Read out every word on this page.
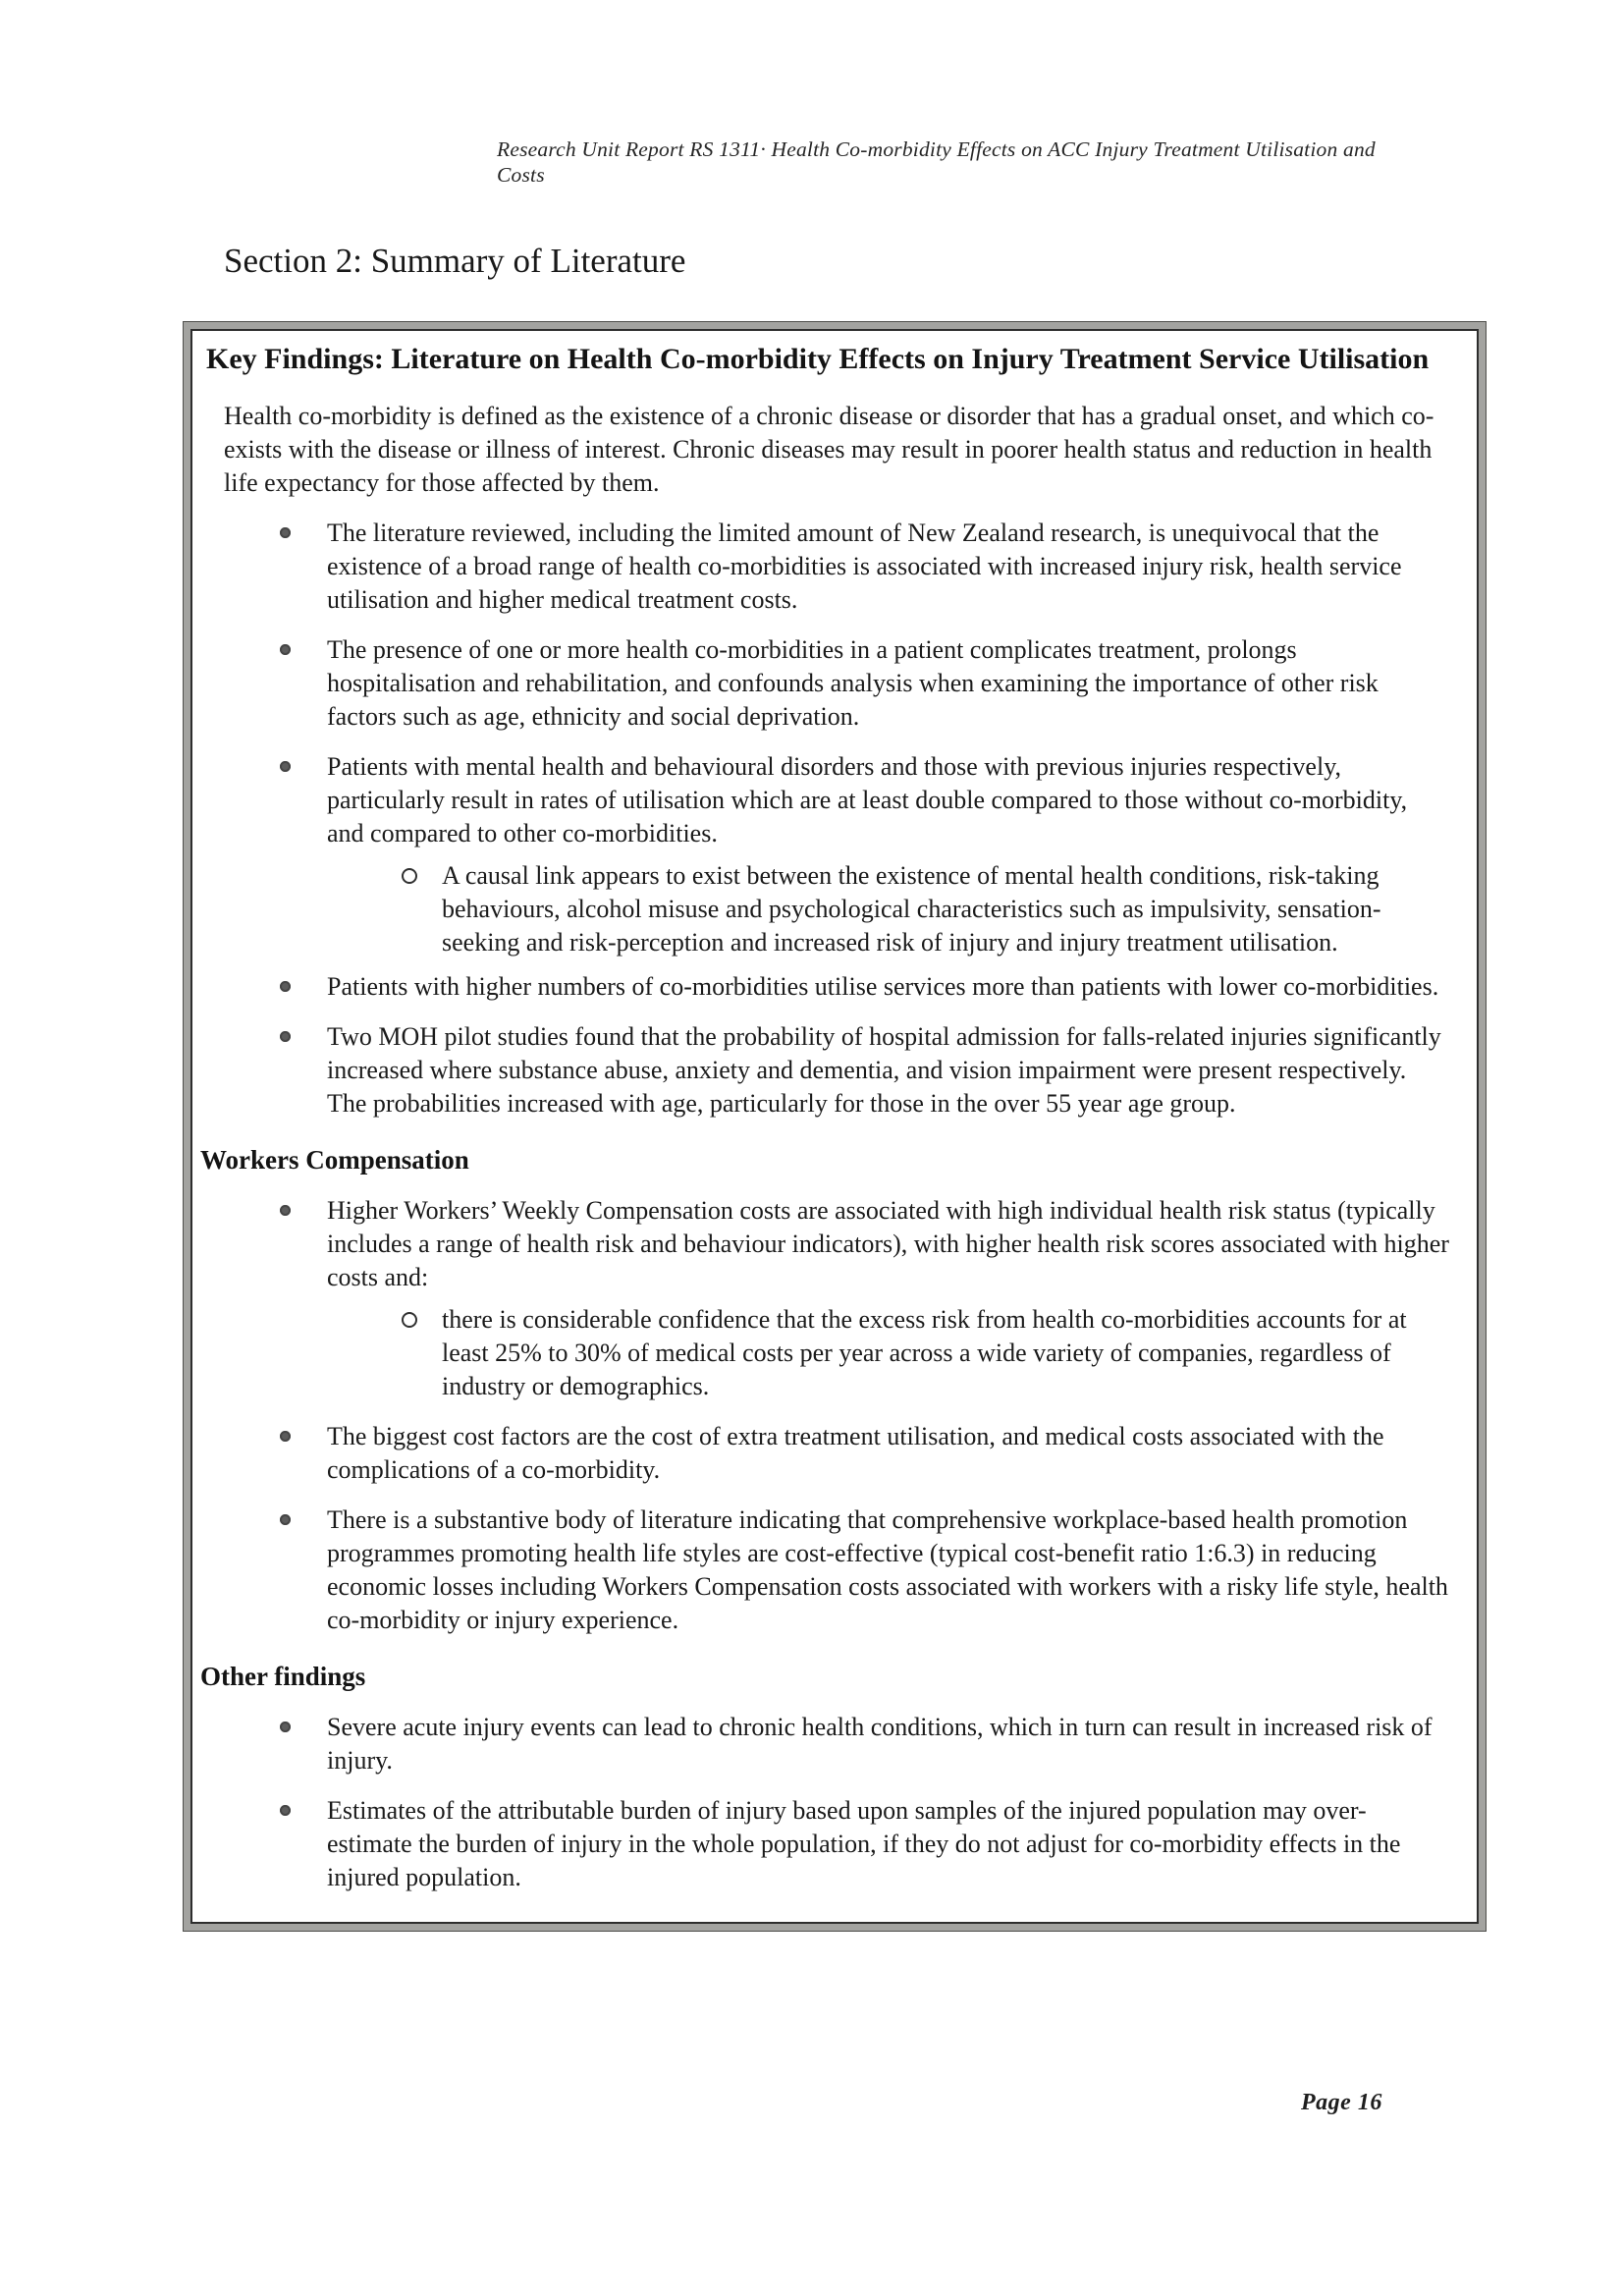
Research Unit Report RS 1311· Health Co-morbidity Effects on ACC Injury Treatment Utilisation and Costs
Section 2: Summary of Literature
Key Findings: Literature on Health Co-morbidity Effects on Injury Treatment Service Utilisation

Health co-morbidity is defined as the existence of a chronic disease or disorder that has a gradual onset, and which co-exists with the disease or illness of interest. Chronic diseases may result in poorer health status and reduction in health life expectancy for those affected by them.

The literature reviewed, including the limited amount of New Zealand research, is unequivocal that the existence of a broad range of health co-morbidities is associated with increased injury risk, health service utilisation and higher medical treatment costs.
The presence of one or more health co-morbidities in a patient complicates treatment, prolongs hospitalisation and rehabilitation, and confounds analysis when examining the importance of other risk factors such as age, ethnicity and social deprivation.
Patients with mental health and behavioural disorders and those with previous injuries respectively, particularly result in rates of utilisation which are at least double compared to those without co-morbidity, and compared to other co-morbidities.
A causal link appears to exist between the existence of mental health conditions, risk-taking behaviours, alcohol misuse and psychological characteristics such as impulsivity, sensation-seeking and risk-perception and increased risk of injury and injury treatment utilisation.
Patients with higher numbers of co-morbidities utilise services more than patients with lower co-morbidities.
Two MOH pilot studies found that the probability of hospital admission for falls-related injuries significantly increased where substance abuse, anxiety and dementia, and vision impairment were present respectively. The probabilities increased with age, particularly for those in the over 55 year age group.
Workers Compensation
Higher Workers’ Weekly Compensation costs are associated with high individual health risk status (typically includes a range of health risk and behaviour indicators), with higher health risk scores associated with higher costs and:
there is considerable confidence that the excess risk from health co-morbidities accounts for at least 25% to 30% of medical costs per year across a wide variety of companies, regardless of industry or demographics.
The biggest cost factors are the cost of extra treatment utilisation, and medical costs associated with the complications of a co-morbidity.
There is a substantive body of literature indicating that comprehensive workplace-based health promotion programmes promoting health life styles are cost-effective (typical cost-benefit ratio 1:6.3) in reducing economic losses including Workers Compensation costs associated with workers with a risky life style, health co-morbidity or injury experience.
Other findings
Severe acute injury events can lead to chronic health conditions, which in turn can result in increased risk of injury.
Estimates of the attributable burden of injury based upon samples of the injured population may over-estimate the burden of injury in the whole population, if they do not adjust for co-morbidity effects in the injured population.
Page 16
